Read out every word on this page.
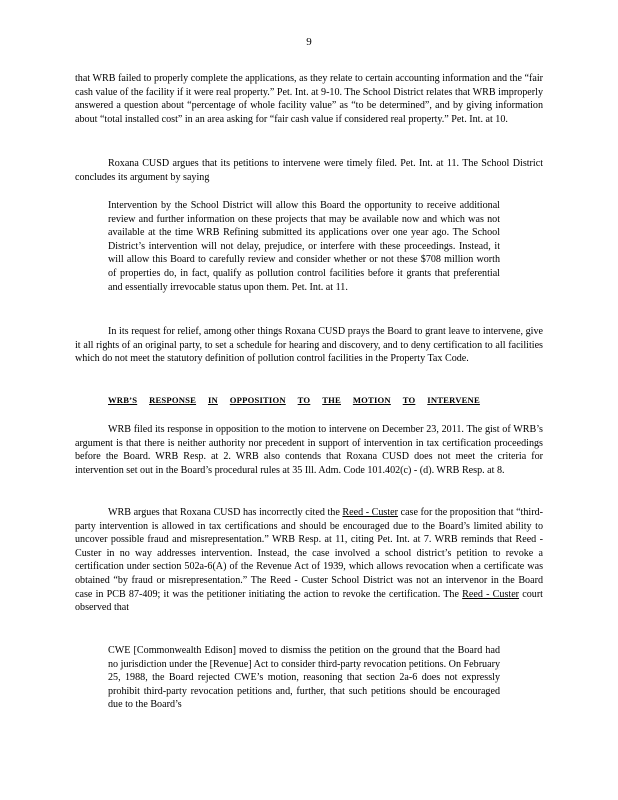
9

that WRB failed to properly complete the applications, as they relate to certain accounting information and the “fair cash value of the facility if it were real property.” Pet. Int. at 9-10. The School District relates that WRB improperly answered a question about “percentage of whole facility value” as “to be determined”, and by giving information about “total installed cost” in an area asking for “fair cash value if considered real property.” Pet. Int. at 10.

Roxana CUSD argues that its petitions to intervene were timely filed. Pet. Int. at 11. The School District concludes its argument by saying

Intervention by the School District will allow this Board the opportunity to receive additional review and further information on these projects that may be available now and which was not available at the time WRB Refining submitted its applications over one year ago. The School District’s intervention will not delay, prejudice, or interfere with these proceedings. Instead, it will allow this Board to carefully review and consider whether or not these $708 million worth of properties do, in fact, qualify as pollution control facilities before it grants that preferential and essentially irrevocable status upon them. Pet. Int. at 11.

In its request for relief, among other things Roxana CUSD prays the Board to grant leave to intervene, give it all rights of an original party, to set a schedule for hearing and discovery, and to deny certification to all facilities which do not meet the statutory definition of pollution control facilities in the Property Tax Code.

WRB’S RESPONSE IN OPPOSITION TO THE MOTION TO INTERVENE

WRB filed its response in opposition to the motion to intervene on December 23, 2011. The gist of WRB’s argument is that there is neither authority nor precedent in support of intervention in tax certification proceedings before the Board. WRB Resp. at 2. WRB also contends that Roxana CUSD does not meet the criteria for intervention set out in the Board’s procedural rules at 35 Ill. Adm. Code 101.402(c) - (d). WRB Resp. at 8.

WRB argues that Roxana CUSD has incorrectly cited the Reed - Custer case for the proposition that “third-party intervention is allowed in tax certifications and should be encouraged due to the Board’s limited ability to uncover possible fraud and misrepresentation.” WRB Resp. at 11, citing Pet. Int. at 7. WRB reminds that Reed - Custer in no way addresses intervention. Instead, the case involved a school district’s petition to revoke a certification under section 502a-6(A) of the Revenue Act of 1939, which allows revocation when a certificate was obtained “by fraud or misrepresentation.” The Reed - Custer School District was not an intervenor in the Board case in PCB 87-409; it was the petitioner initiating the action to revoke the certification. The Reed - Custer court observed that

CWE [Commonwealth Edison] moved to dismiss the petition on the ground that the Board had no jurisdiction under the [Revenue] Act to consider third-party revocation petitions. On February 25, 1988, the Board rejected CWE’s motion, reasoning that section 2a-6 does not expressly prohibit third-party revocation petitions and, further, that such petitions should be encouraged due to the Board’s
